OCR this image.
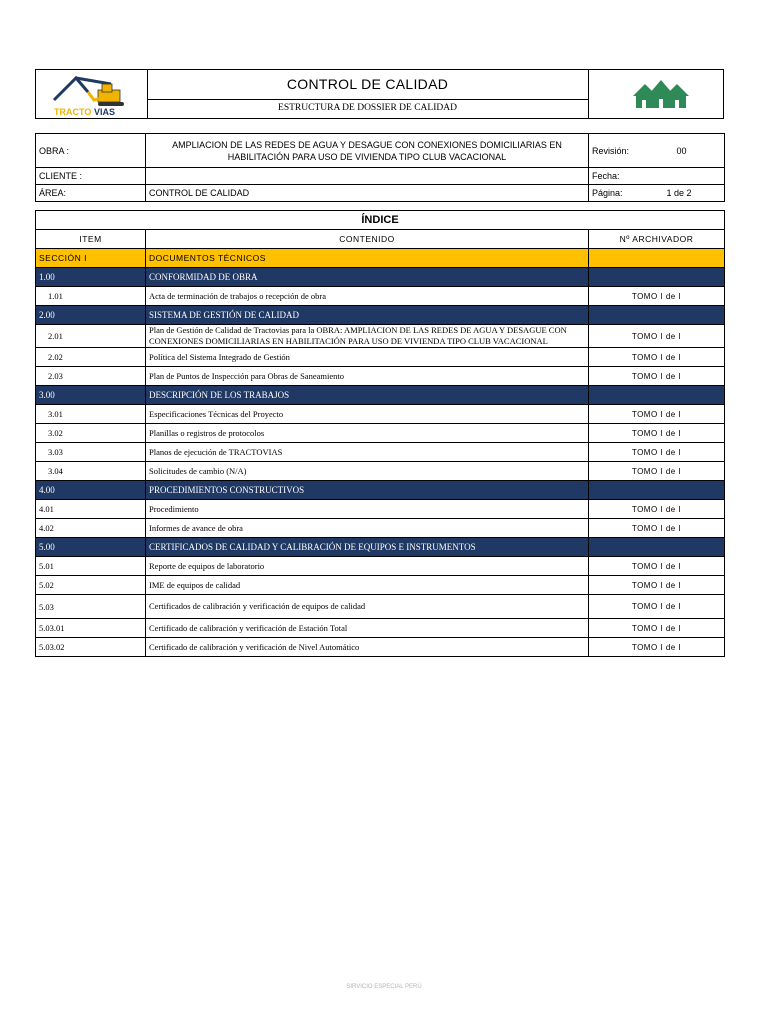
TRACTO VIAS
CONTROL DE CALIDAD
ESTRUCTURA DE DOSSIER DE CALIDAD
OBRA :	AMPLIACION DE LAS REDES DE AGUA Y DESAGUE CON CONEXIONES DOMICILIARIAS EN
HABILITACIÓN PARA USO DE VIVIENDA TIPO CLUB VACACIONAL	Revisión:	00
CLIENTE :		Fecha:	
ÁREA:	CONTROL DE CALIDAD	Página:	1 de 2
ÍNDICE		
ITEM	CONTENIDO	Nº ARCHIVADOR
SECCIÓN I	DOCUMENTOS TÉCNICOS	
1.00	CONFORMIDAD DE OBRA	
1.01	Acta de terminación de trabajos o recepción de obra	TOMO I de I
2.00	SISTEMA DE GESTIÓN DE CALIDAD	
2.01	Plan de Gestión de Calidad de Tractovias para la OBRA: AMPLIACION DE LAS REDES DE AGUA Y DESAGUE CON CONEXIONES DOMICILIARIAS EN HABILITACIÓN PARA USO DE VIVIENDA TIPO CLUB VACACIONAL	TOMO I de I
2.02	Política del Sistema Integrado de Gestión	TOMO I de I
2.03	Plan de Puntos de Inspección para Obras de Saneamiento	TOMO I de I
3.00	DESCRIPCIÓN DE LOS TRABAJOS	
3.01	Especificaciones Técnicas del Proyecto	TOMO I de I
3.02	Planillas o registros de protocolos	TOMO I de I
3.03	Planos de ejecución de TRACTOVIAS	TOMO I de I
3.04	Solicitudes de cambio (N/A)	TOMO I de I
4.00	PROCEDIMIENTOS CONSTRUCTIVOS	
4.01	Procedimiento	TOMO I de I
4.02	Informes de avance de obra	TOMO I de I
5.00	CERTIFICADOS DE CALIDAD Y CALIBRACIÓN DE EQUIPOS E INSTRUMENTOS	
5.01	Reporte de equipos de laboratorio	TOMO I de I
5.02	IME de equipos de calidad	TOMO I de I
5.03	Certificados de calibración y verificación de equipos de calidad	TOMO I de I
5.03.01	Certificado de calibración y verificación de Estación Total	TOMO I de I
5.03.02	Certificado de calibración y verificación de Nivel Automático	TOMO I de I
SIRVICIO ESPECIAL PERÚ
